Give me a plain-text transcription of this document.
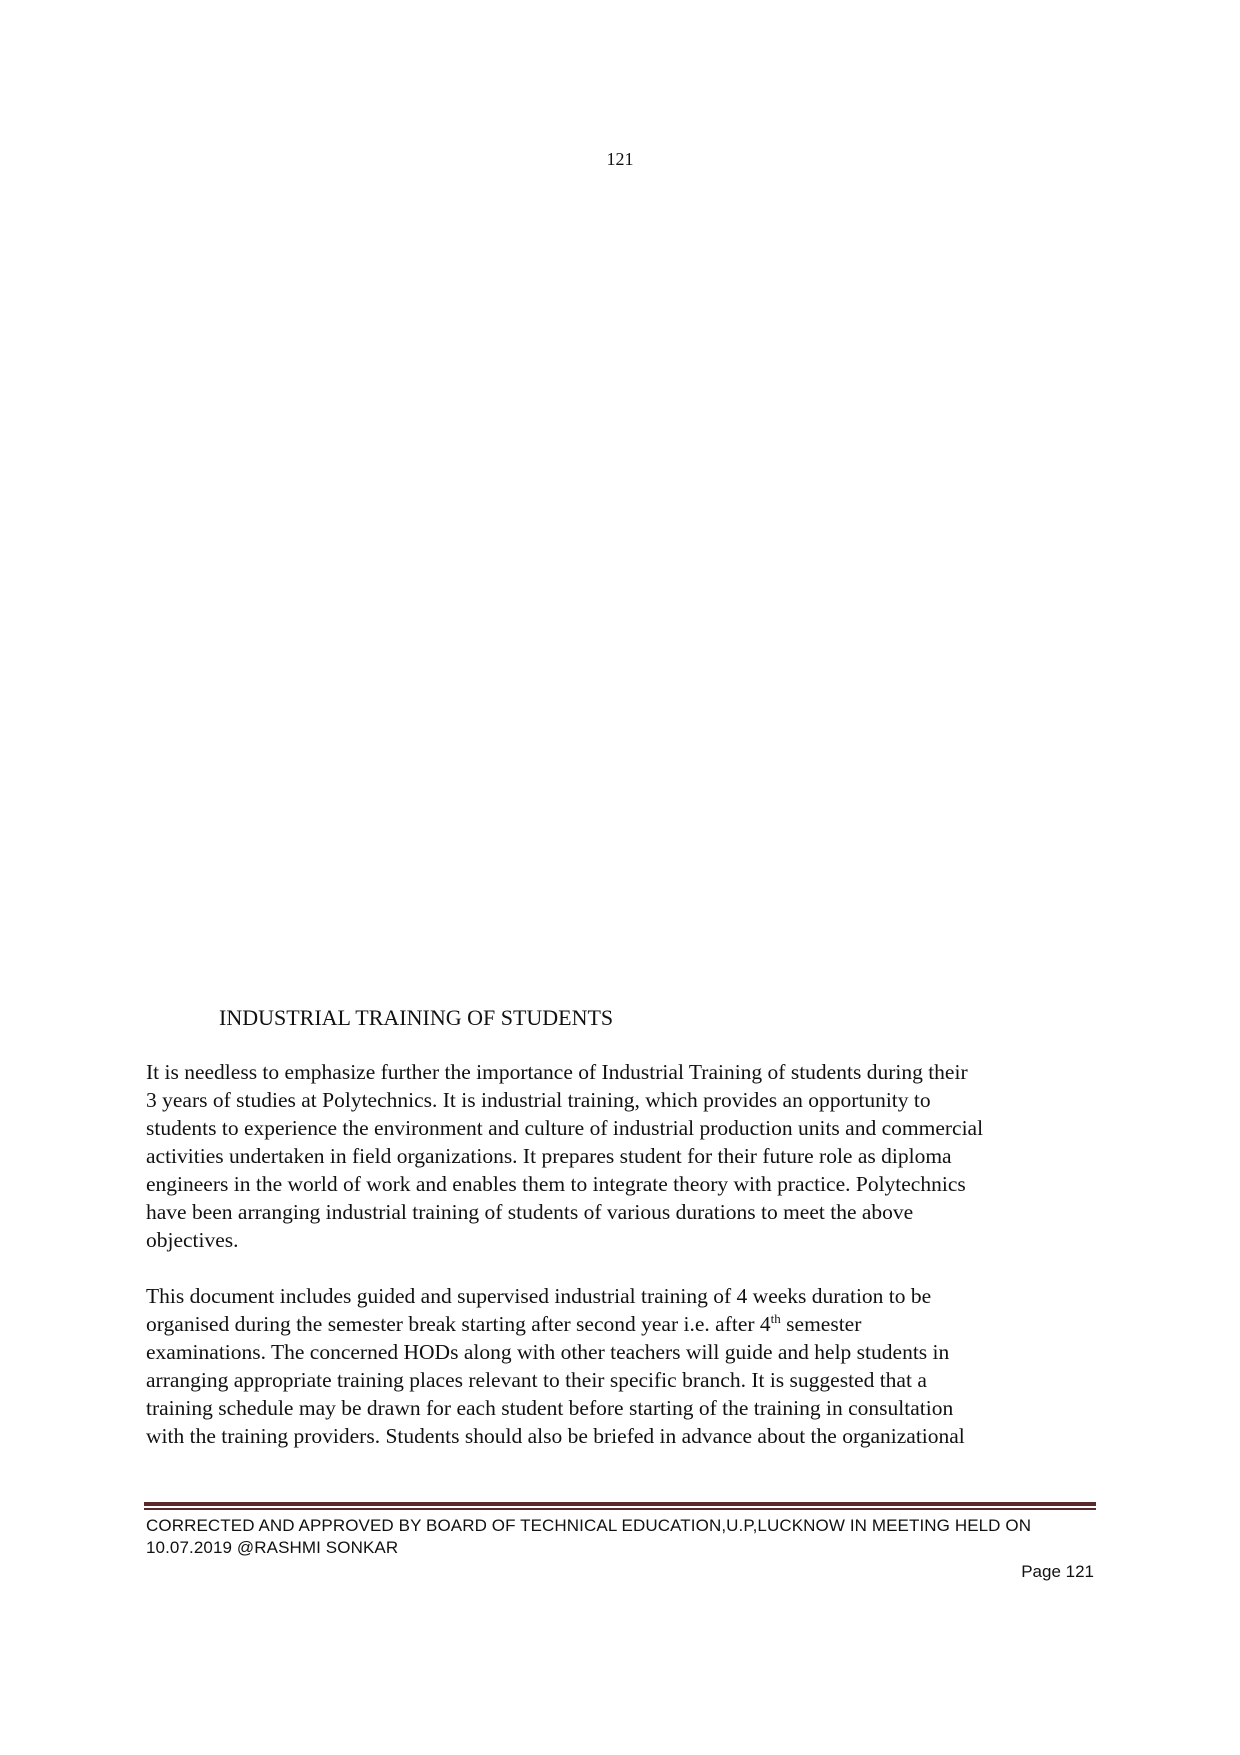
121
INDUSTRIAL TRAINING OF STUDENTS

It is needless to emphasize further the importance of Industrial Training of students during their
3 years of studies at Polytechnics. It is industrial training, which provides an opportunity to
students to experience the environment and culture of industrial production units and commercial
activities undertaken in field organizations. It prepares student for their future role as diploma
engineers in the world of work and enables them to integrate theory with practice. Polytechnics
have been arranging industrial training of students of various durations to meet the above
objectives.

This document includes guided and supervised industrial training of 4 weeks duration to be
organised during the semester break starting after second year i.e. after 4th semester
examinations. The concerned HODs along with other teachers will guide and help students in
arranging appropriate training places relevant to their specific branch. It is suggested that a
training schedule may be drawn for each student before starting of the training in consultation
with the training providers. Students should also be briefed in advance about the organizational

CORRECTED AND APPROVED BY BOARD OF TECHNICAL EDUCATION,U.P,LUCKNOW IN MEETING HELD ON
10.07.2019 @RASHMI SONKAR

Page 121
